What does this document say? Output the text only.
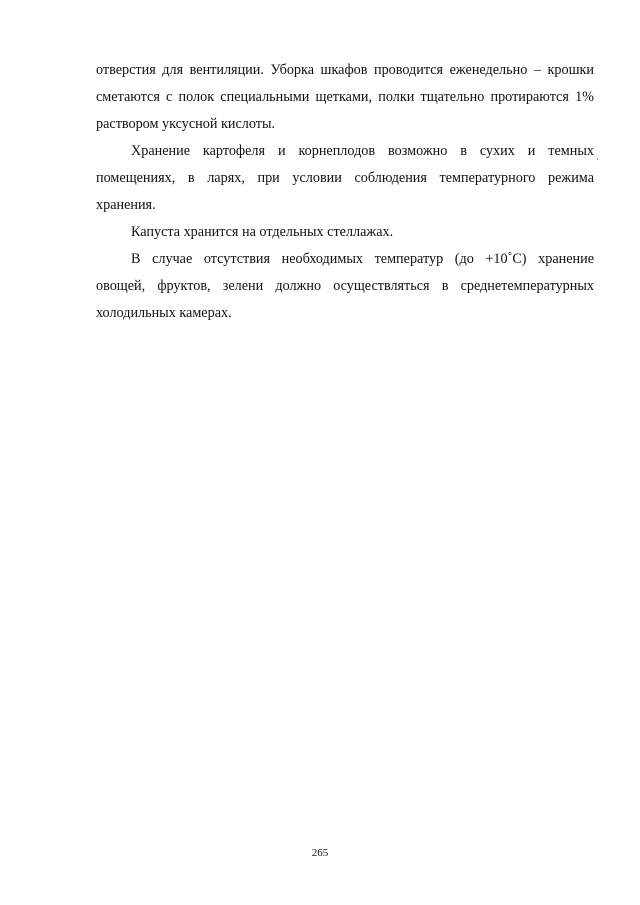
отверстия для вентиляции. Уборка шкафов проводится еженедельно – крошки
сметаются с полок специальными щетками, полки тщательно протираются 1%
раствором уксусной кислоты.
Хранение картофеля и корнеплодов возможно в сухих и темных
помещениях, в ларях, при условии соблюдения температурного режима
хранения.
Капуста хранится на отдельных стеллажах.
В случае отсутствия необходимых температур (до +10˚С) хранение
овощей, фруктов, зелени должно осуществляться в среднетемпературных
холодильных камерах.
265
